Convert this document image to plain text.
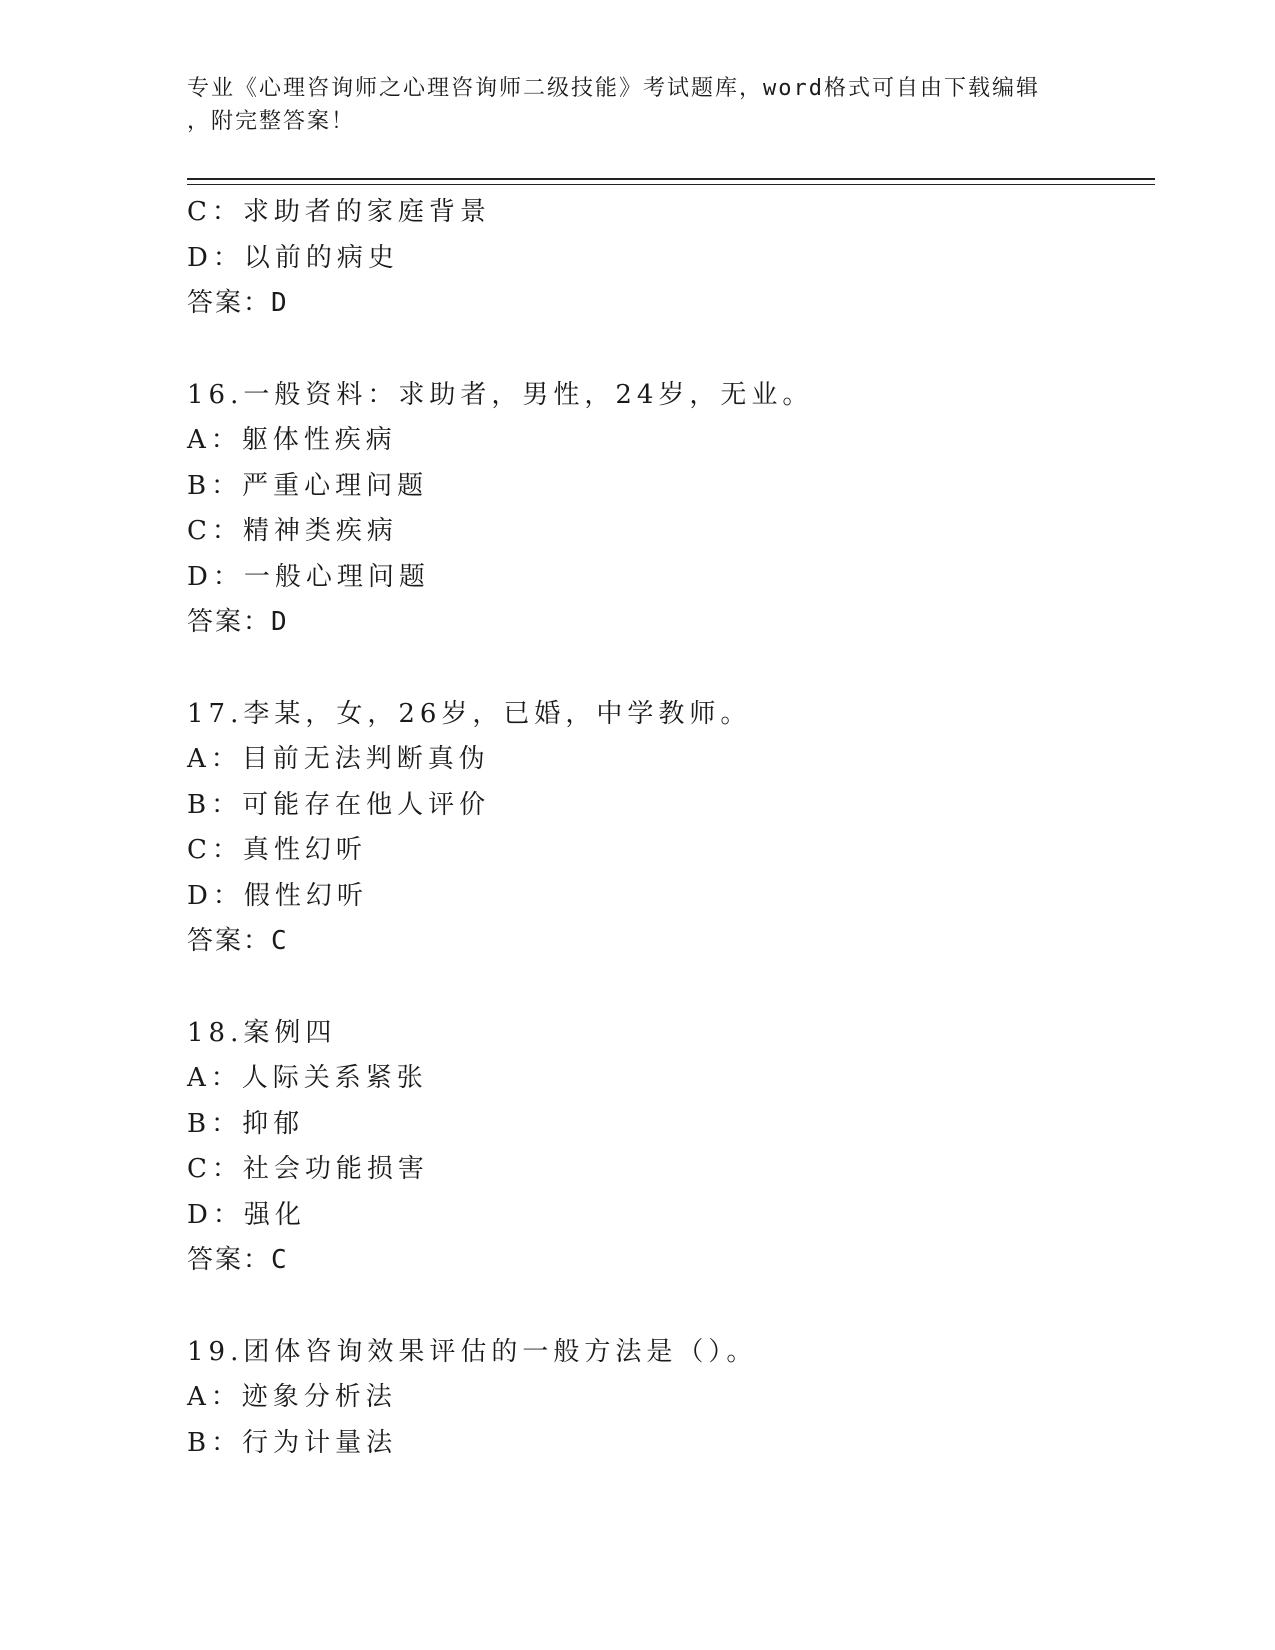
专业《心理咨询师之心理咨询师二级技能》考试题库，word格式可自由下载编辑
，附完整答案！
C：求助者的家庭背景
D：以前的病史
答案：D
16.一般资料：求助者，男性，24岁，无业。
A：躯体性疾病
B：严重心理问题
C：精神类疾病
D：一般心理问题
答案：D
17.李某，女，26岁，已婚，中学教师。
A：目前无法判断真伪
B：可能存在他人评价
C：真性幻听
D：假性幻听
答案：C
18.案例四
A：人际关系紧张
B：抑郁
C：社会功能损害
D：强化
答案：C
19.团体咨询效果评估的一般方法是（）。
A：迹象分析法
B：行为计量法
